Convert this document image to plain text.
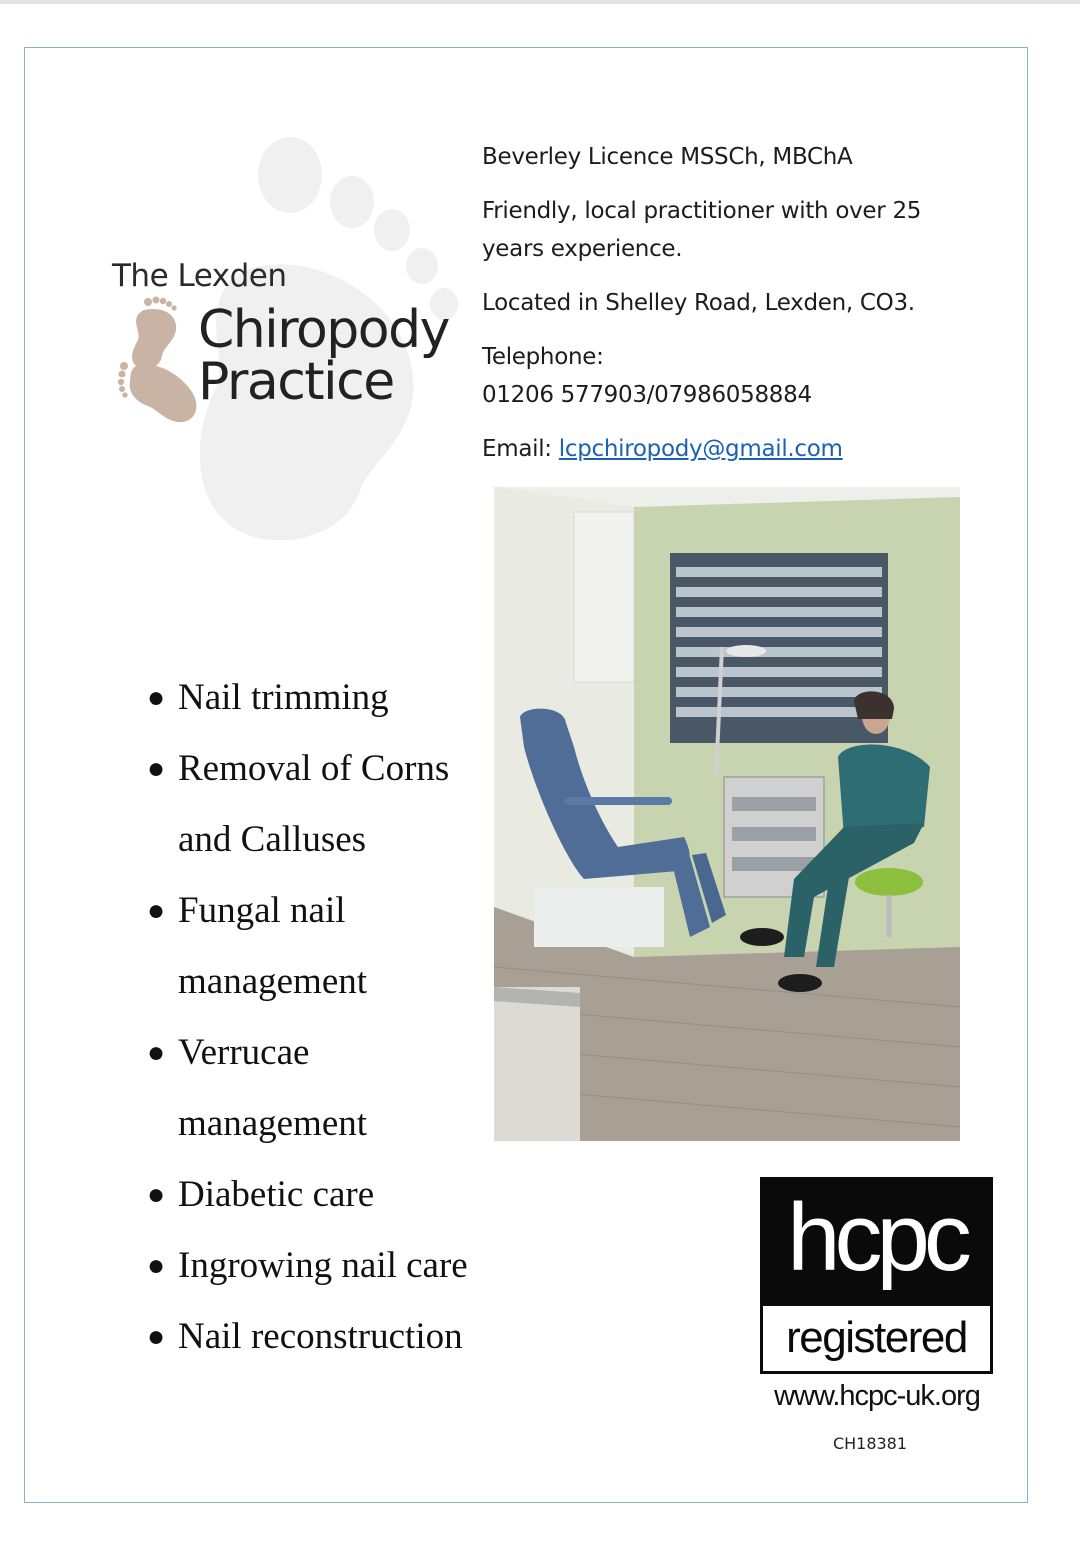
The Lexden
Chiropody
Practice

Beverley Licence MSSCh, MBChA

Friendly, local practitioner with over 25 years experience.

Located in Shelley Road, Lexden, CO3.

Telephone:
01206 577903/07986058884

Email: lcpchiropody@gmail.com

● Nail trimming
● Removal of Corns and Calluses
● Fungal nail management
● Verrucae management
● Diabetic care
● Ingrowing nail care
● Nail reconstruction
hcpc
registered
www.hcpc-uk.org
CH18381
